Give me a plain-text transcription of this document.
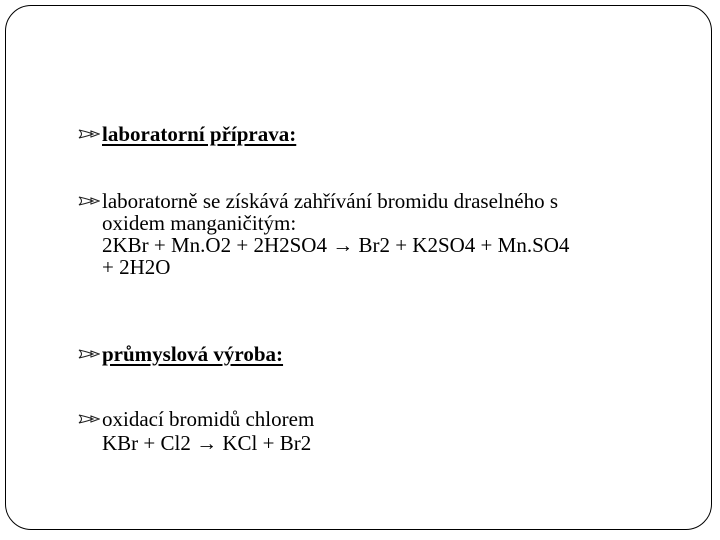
laboratorní příprava:
laboratorně se získává zahřívání bromidu draselného s
oxidem manganičitým:
2KBr + Mn.O2 + 2H2SO4 → Br2 + K2SO4 + Mn.SO4
+ 2H2O
průmyslová výroba:
oxidací bromidů chlorem
KBr + Cl2 → KCl + Br2
